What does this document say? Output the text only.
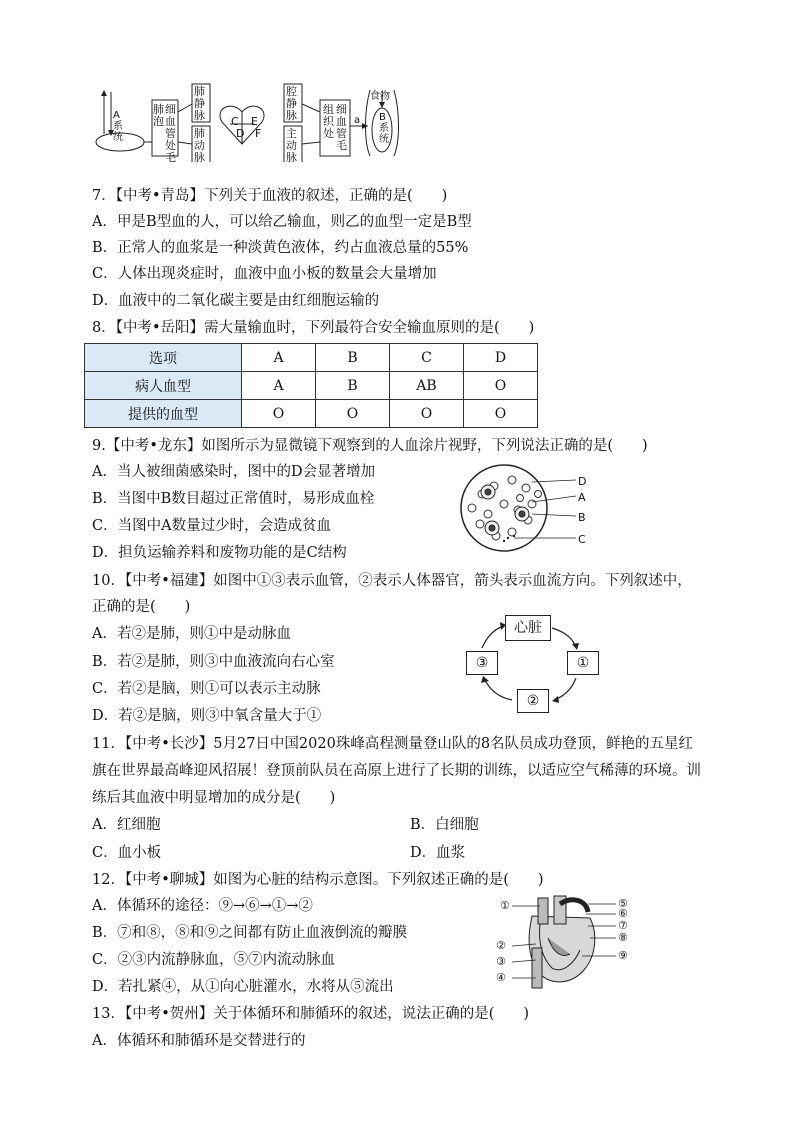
A
系
统
食物
a B
系
统
肺泡
细血
管处
毛
肺静脉
肺动脉
腔静脉
主动脉
组织
处
细血
管
毛
C
D
E
F
7．【中考•青岛】下列关于血液的叙述，正确的是(　　)
A．甲是B型血的人，可以给乙输血，则乙的血型一定是B型
B．正常人的血浆是一种淡黄色液体，约占血液总量的55%
C．人体出现炎症时，血液中血小板的数量会大量增加
D．血液中的二氧化碳主要是由红细胞运输的
8．【中考•岳阳】需大量输血时，下列最符合安全输血原则的是(　　)
选项	A	B	C	D
病人血型	A	B	AB	O
提供的血型	O	O	O	O
9.【中考•龙东】如图所示为显微镜下观察到的人血涂片视野，下列说法正确的是(　　)
A．当人被细菌感染时，图中的D会显著增加
B．当图中B数目超过正常值时，易形成血栓
C．当图中A数量过少时，会造成贫血
D．担负运输养料和废物功能的是C结构
D
A
B
C
10．【中考•福建】如图中①③表示血管，②表示人体器官，箭头表示血流方向。下列叙述中，
正确的是(　　)
A．若②是肺，则①中是动脉血
B．若②是肺，则③中血液流向右心室
C．若②是脑，则①可以表示主动脉
D．若②是脑，则③中氧含量大于①
心脏
①
③
②
11．【中考•长沙】5月27日中国2020珠峰高程测量登山队的8名队员成功登顶，鲜艳的五星红
旗在世界最高峰迎风招展！登顶前队员在高原上进行了长期的训练，以适应空气稀薄的环境。训
练后其血液中明显增加的成分是(　　)
A．红细胞	B．白细胞
C．血小板	D．血浆
12．【中考•聊城】如图为心脏的结构示意图。下列叙述正确的是(　　)
A．体循环的途径：⑨→⑥→①→②
B．⑦和⑧，⑧和⑨之间都有防止血液倒流的瓣膜
C．②③内流静脉血，⑤⑦内流动脉血
D．若扎紧④，从①向心脏灌水，水将从⑤流出
①
②
③
④
⑤
⑥
⑦
⑧
⑨
13．【中考•贺州】关于体循环和肺循环的叙述，说法正确的是(　　)
A．体循环和肺循环是交替进行的
